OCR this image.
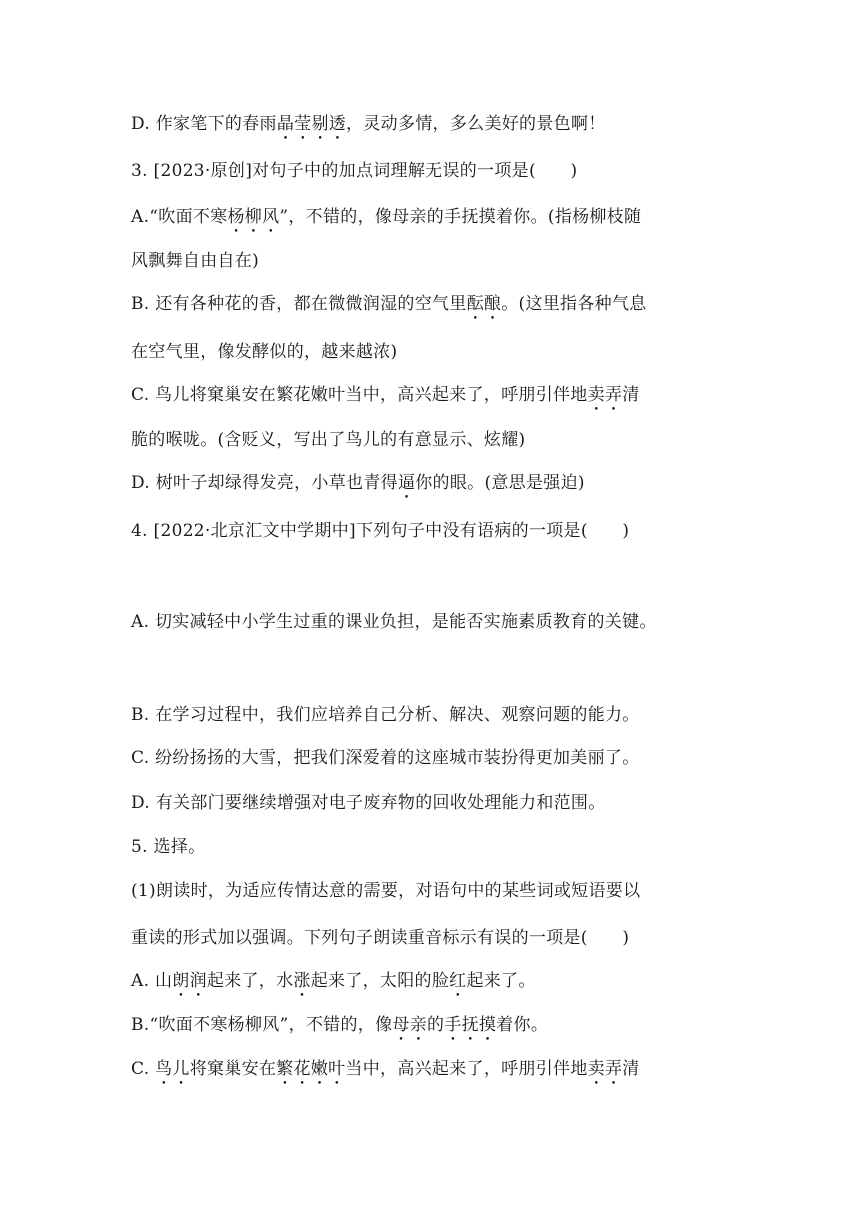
D. 作家笔下的春雨晶莹剔透，灵动多情，多么美好的景色啊！
3. [2023·原创]对句子中的加点词理解无误的一项是(　　)
A.“吹面不寒杨柳风”，不错的，像母亲的手抚摸着你。(指杨柳枝随
风飘舞自由自在)
B. 还有各种花的香，都在微微润湿的空气里酝酿。(这里指各种气息
在空气里，像发酵似的，越来越浓)
C. 鸟儿将窠巢安在繁花嫩叶当中，高兴起来了，呼朋引伴地卖弄清
脆的喉咙。(含贬义，写出了鸟儿的有意显示、炫耀)
D. 树叶子却绿得发亮，小草也青得逼你的眼。(意思是强迫)
4. [2022·北京汇文中学期中]下列句子中没有语病的一项是(　　)
A. 切实减轻中小学生过重的课业负担，是能否实施素质教育的关键。
B. 在学习过程中，我们应培养自己分析、解决、观察问题的能力。
C. 纷纷扬扬的大雪，把我们深爱着的这座城市装扮得更加美丽了。
D. 有关部门要继续增强对电子废弃物的回收处理能力和范围。
5. 选择。
(1)朗读时，为适应传情达意的需要，对语句中的某些词或短语要以
重读的形式加以强调。下列句子朗读重音标示有误的一项是(　　)
A. 山朗润起来了，水涨起来了，太阳的脸红起来了。
B.“吹面不寒杨柳风”，不错的，像母亲的手抚摸着你。
C. 鸟儿将窠巢安在繁花嫩叶当中，高兴起来了，呼朋引伴地卖弄清
